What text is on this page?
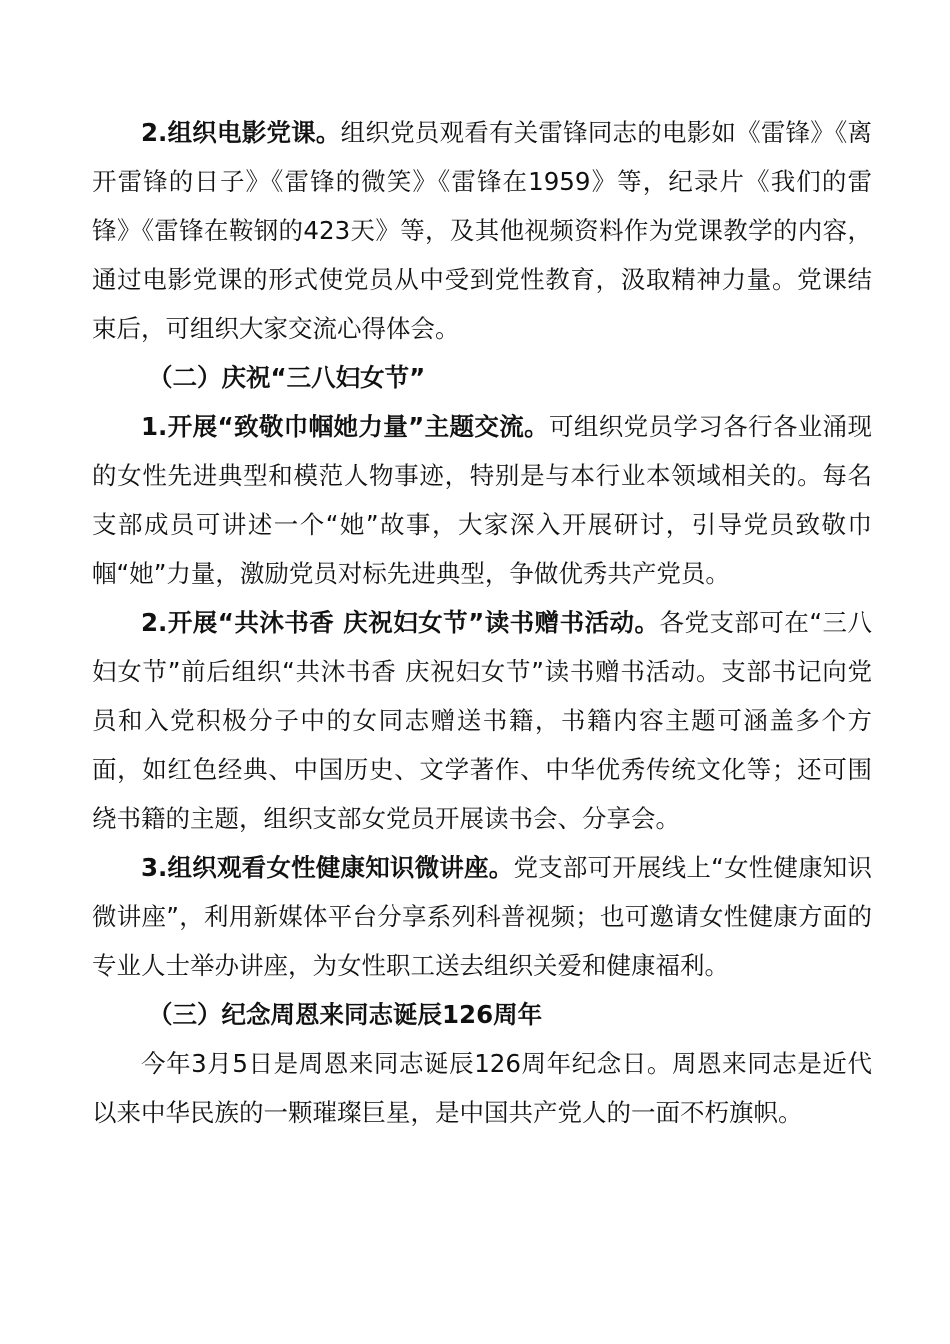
2.组织电影党课。组织党员观看有关雷锋同志的电影如《雷锋》《离开雷锋的日子》《雷锋的微笑》《雷锋在1959》等，纪录片《我们的雷锋》《雷锋在鞍钢的423天》等，及其他视频资料作为党课教学的内容，通过电影党课的形式使党员从中受到党性教育，汲取精神力量。党课结束后，可组织大家交流心得体会。

（二）庆祝“三八妇女节”

1.开展“致敬巾帼她力量”主题交流。可组织党员学习各行各业涌现的女性先进典型和模范人物事迹，特别是与本行业本领域相关的。每名支部成员可讲述一个“她”故事，大家深入开展研讨，引导党员致敬巾帼“她”力量，激励党员对标先进典型，争做优秀共产党员。

2.开展“共沐书香 庆祝妇女节”读书赠书活动。各党支部可在“三八妇女节”前后组织“共沐书香 庆祝妇女节”读书赠书活动。支部书记向党员和入党积极分子中的女同志赠送书籍，书籍内容主题可涵盖多个方面，如红色经典、中国历史、文学著作、中华优秀传统文化等；还可围绕书籍的主题，组织支部女党员开展读书会、分享会。

3.组织观看女性健康知识微讲座。党支部可开展线上“女性健康知识微讲座”，利用新媒体平台分享系列科普视频；也可邀请女性健康方面的专业人士举办讲座，为女性职工送去组织关爱和健康福利。

（三）纪念周恩来同志诞辰126周年

今年3月5日是周恩来同志诞辰126周年纪念日。周恩来同志是近代以来中华民族的一颗璀璨巨星，是中国共产党人的一面不朽旗帜。
